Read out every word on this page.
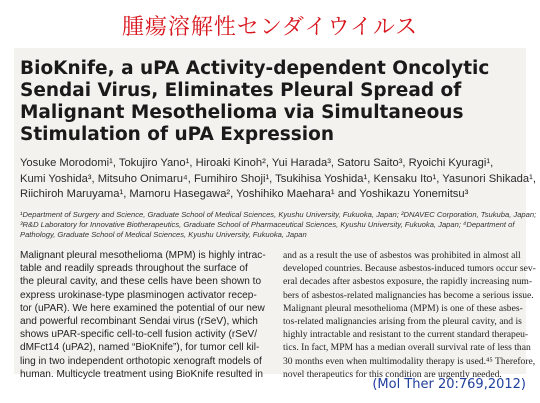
腫瘍溶解性センダイウイルス
BioKnife, a uPA Activity-dependent Oncolytic Sendai Virus, Eliminates Pleural Spread of Malignant Mesothelioma via Simultaneous Stimulation of uPA Expression
Yosuke Morodomi¹, Tokujiro Yano¹, Hiroaki Kinoh², Yui Harada³, Satoru Saito³, Ryoichi Kyuragi¹,
Kumi Yoshida³, Mitsuho Onimaru⁴, Fumihiro Shoji¹, Tsukihisa Yoshida¹, Kensaku Ito¹, Yasunori Shikada¹,
Riichiroh Maruyama¹, Mamoru Hasegawa², Yoshihiko Maehara¹ and Yoshikazu Yonemitsu³
¹Department of Surgery and Science, Graduate School of Medical Sciences, Kyushu University, Fukuoka, Japan; ²DNAVEC Corporation, Tsukuba, Japan;
³R&D Laboratory for Innovative Biotherapeutics, Graduate School of Pharmaceutical Sciences, Kyushu University, Fukuoka, Japan; ⁴Department of
Pathology, Graduate School of Medical Sciences, Kyushu University, Fukuoka, Japan
Malignant pleural mesothelioma (MPM) is highly intrac-
table and readily spreads throughout the surface of
the pleural cavity, and these cells have been shown to
express urokinase-type plasminogen activator recep-
tor (uPAR). We here examined the potential of our new
and powerful recombinant Sendai virus (rSeV), which
shows uPAR-specific cell-to-cell fusion activity (rSeV/
dMFct14 (uPA2), named “BioKnife”), for tumor cell kil-
ling in two independent orthotopic xenograft models of
human. Multicycle treatment using BioKnife resulted in
and as a result the use of asbestos was prohibited in almost all
developed countries. Because asbestos-induced tumors occur sev-
eral decades after asbestos exposure, the rapidly increasing num-
bers of asbestos-related malignancies has become a serious issue.
Malignant pleural mesothelioma (MPM) is one of these asbes-
tos-related malignancies arising from the pleural cavity, and is
highly intractable and resistant to the current standard therapeu-
tics. In fact, MPM has a median overall survival rate of less than
30 months even when multimodality therapy is used.⁴⁵ Therefore,
novel therapeutics for this condition are urgently needed.
(Mol Ther 20:769,2012)
